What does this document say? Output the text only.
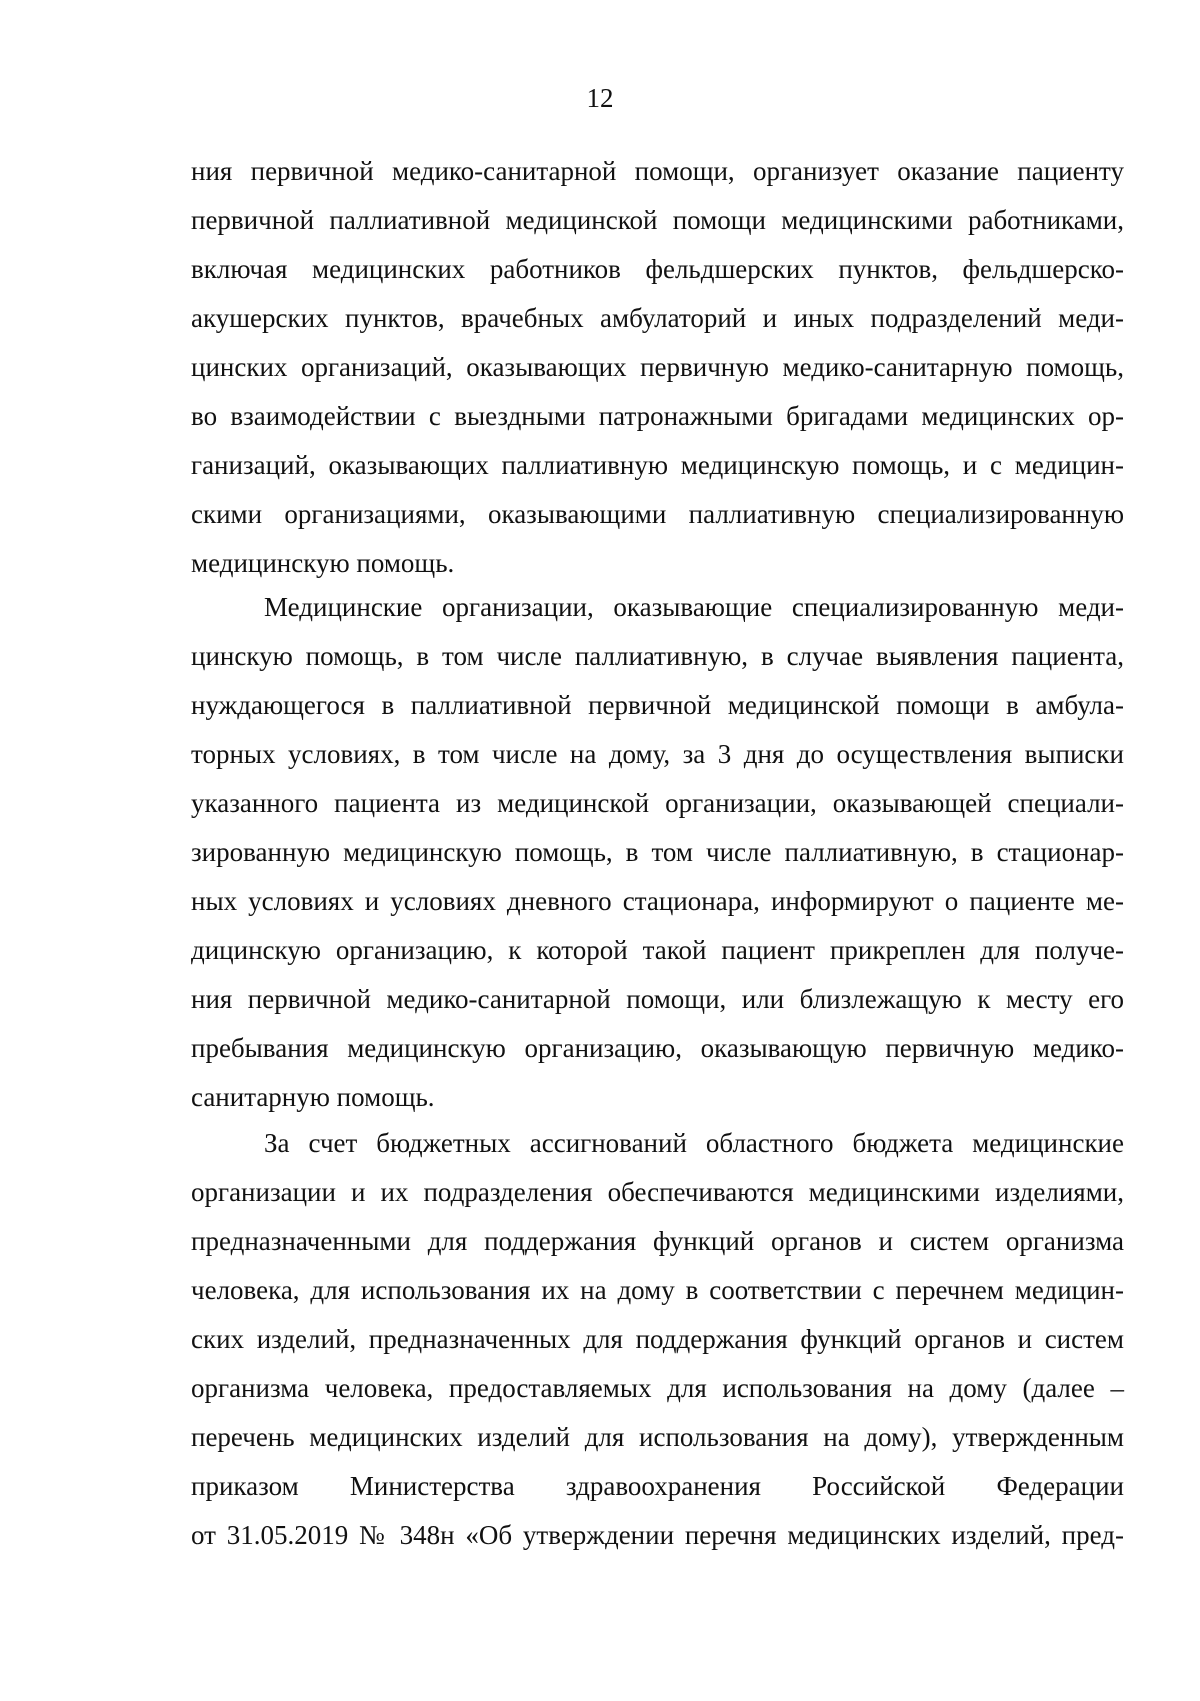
12
ния первичной медико-санитарной помощи, организует оказание пациенту
первичной паллиативной медицинской помощи медицинскими работниками,
включая медицинских работников фельдшерских пунктов, фельдшерско-
акушерских пунктов, врачебных амбулаторий и иных подразделений меди-
цинских организаций, оказывающих первичную медико-санитарную помощь,
во взаимодействии с выездными патронажными бригадами медицинских ор-
ганизаций, оказывающих паллиативную медицинскую помощь, и с медицин-
скими организациями, оказывающими паллиативную специализированную
медицинскую помощь.
Медицинские организации, оказывающие специализированную меди-
цинскую помощь, в том числе паллиативную, в случае выявления пациента,
нуждающегося в паллиативной первичной медицинской помощи в амбула-
торных условиях, в том числе на дому, за 3 дня до осуществления выписки
указанного пациента из медицинской организации, оказывающей специали-
зированную медицинскую помощь, в том числе паллиативную, в стационар-
ных условиях и условиях дневного стационара, информируют о пациенте ме-
дицинскую организацию, к которой такой пациент прикреплен для получе-
ния первичной медико-санитарной помощи, или близлежащую к месту его
пребывания медицинскую организацию, оказывающую первичную медико-
санитарную помощь.
За счет бюджетных ассигнований областного бюджета медицинские
организации и их подразделения обеспечиваются медицинскими изделиями,
предназначенными для поддержания функций органов и систем организма
человека, для использования их на дому в соответствии с перечнем медицин-
ских изделий, предназначенных для поддержания функций органов и систем
организма человека, предоставляемых для использования на дому (далее –
перечень медицинских изделий для использования на дому), утвержденным
приказом Министерства здравоохранения Российской Федерации
от 31.05.2019 № 348н «Об утверждении перечня медицинских изделий, пред-
